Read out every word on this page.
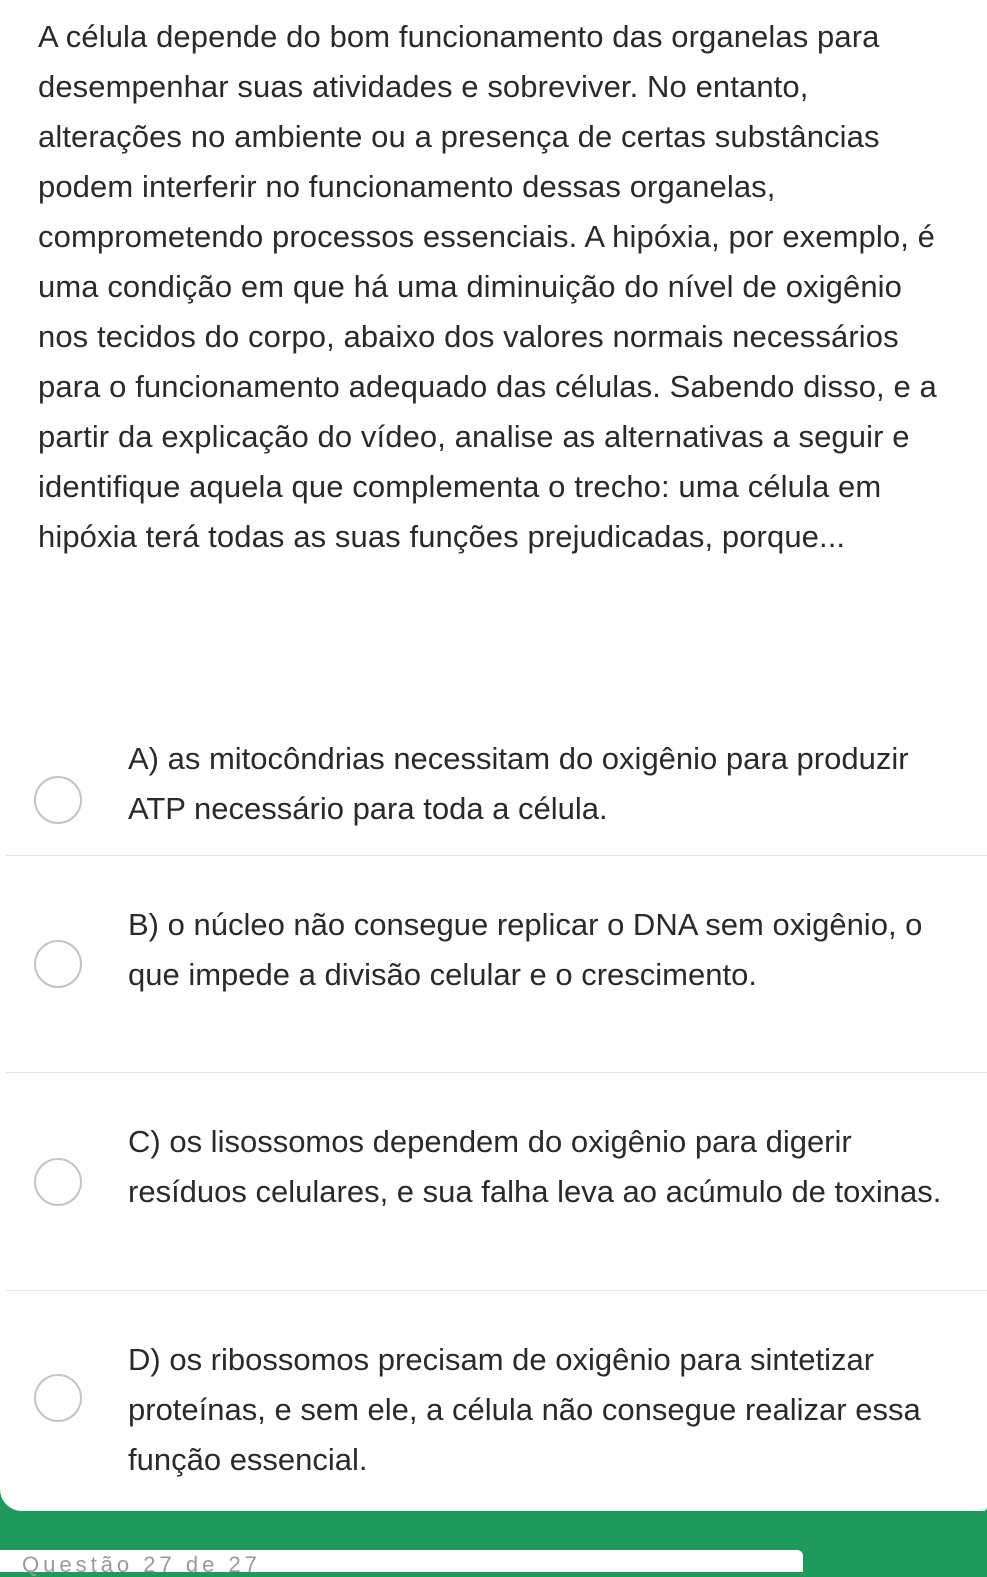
A célula depende do bom funcionamento das organelas para desempenhar suas atividades e sobreviver. No entanto, alterações no ambiente ou a presença de certas substâncias podem interferir no funcionamento dessas organelas, comprometendo processos essenciais. A hipóxia, por exemplo, é uma condição em que há uma diminuição do nível de oxigênio nos tecidos do corpo, abaixo dos valores normais necessários para o funcionamento adequado das células. Sabendo disso, e a partir da explicação do vídeo, analise as alternativas a seguir e identifique aquela que complementa o trecho: uma célula em hipóxia terá todas as suas funções prejudicadas, porque...

A) as mitocôndrias necessitam do oxigênio para produzir ATP necessário para toda a célula.

B) o núcleo não consegue replicar o DNA sem oxigênio, o que impede a divisão celular e o crescimento.

C) os lisossomos dependem do oxigênio para digerir resíduos celulares, e sua falha leva ao acúmulo de toxinas.

D) os ribossomos precisam de oxigênio para sintetizar proteínas, e sem ele, a célula não consegue realizar essa função essencial.

Questão 27 de 27
